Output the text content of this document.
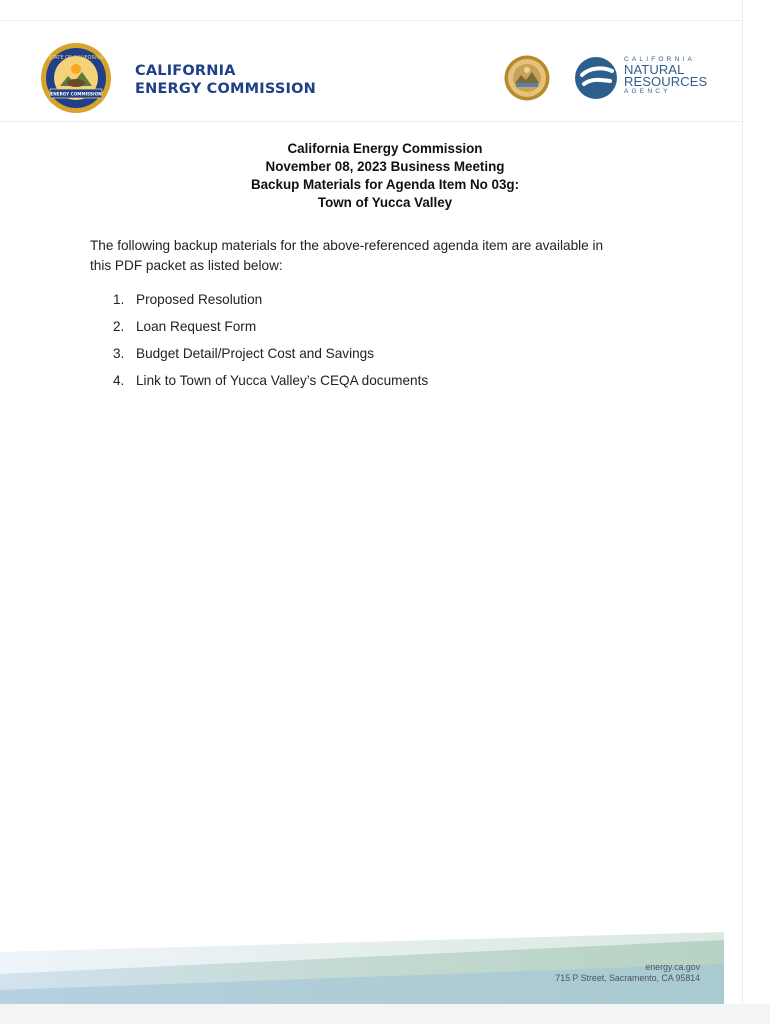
STATE OF CALIFORNIA
ENERGY COMMISSION
CALIFORNIA
ENERGY COMMISSION
CALIFORNIA
NATURAL
RESOURCES
AGENCY
California Energy Commission
November 08, 2023 Business Meeting
Backup Materials for Agenda Item No 03g:
Town of Yucca Valley
The following backup materials for the above-referenced agenda item are available in
this PDF packet as listed below:
1. Proposed Resolution
2. Loan Request Form
3. Budget Detail/Project Cost and Savings
4. Link to Town of Yucca Valley’s CEQA documents
energy.ca.gov
715 P Street, Sacramento, CA 95814
